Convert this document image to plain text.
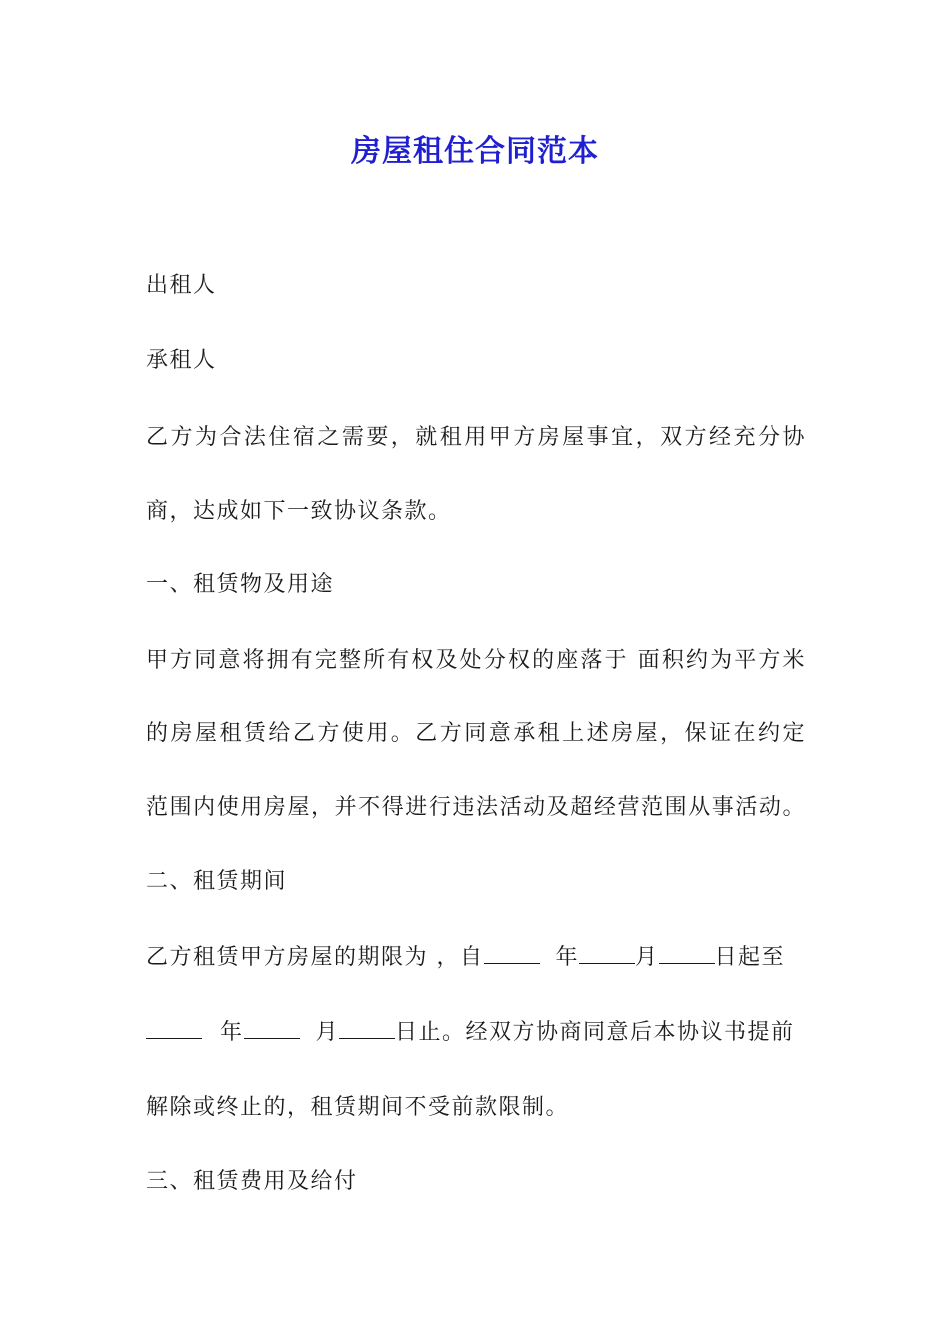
房屋租住合同范本
出租人
承租人
乙方为合法住宿之需要，就租用甲方房屋事宜，双方经充分协
商，达成如下一致协议条款。
一、租赁物及用途
甲方同意将拥有完整所有权及处分权的座落于 面积约为平方米
的房屋租赁给乙方使用。乙方同意承租上述房屋，保证在约定
范围内使用房屋，并不得进行违法活动及超经营范围从事活动。
二、租赁期间
乙方租赁甲方房屋的期限为 ，自	年	月	日起至
年	月	日止。经双方协商同意后本协议书提前
解除或终止的，租赁期间不受前款限制。
三、租赁费用及给付
